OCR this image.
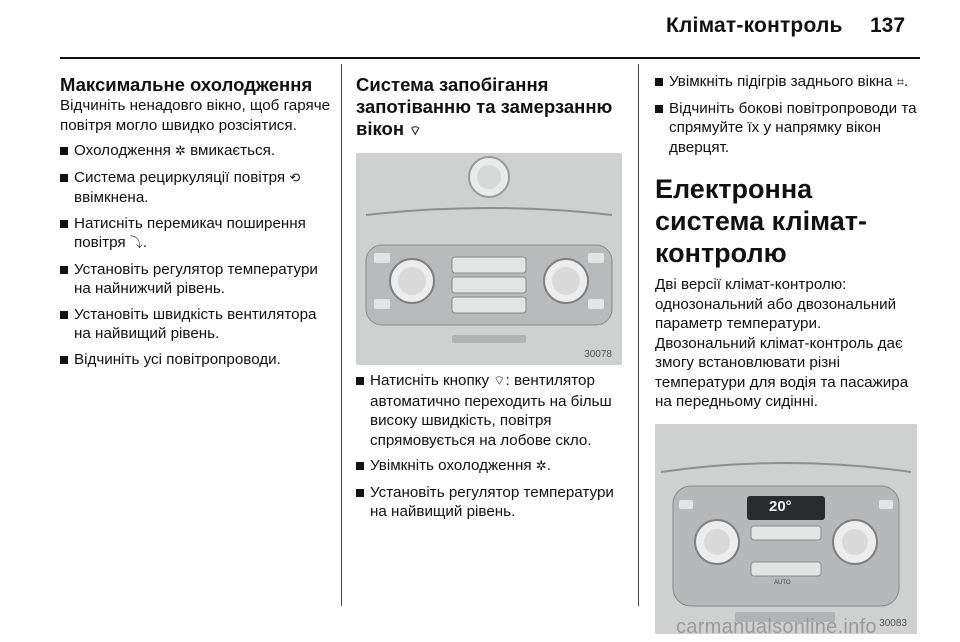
Клімат-контроль 137
Максимальне охолодження

Відчиніть ненадовго вікно, щоб гаряче повітря могло швидко розсіятися.

Охолодження ✲ вмикається.
Система рециркуляції повітря ⟲ ввімкнена.
Натисніть перемикач поширення повітря ⤵.
Установіть регулятор температури на найнижчий рівень.
Установіть швидкість вентилятора на найвищий рівень.
Відчиніть усі повітропроводи.
Система запобігання запотіванню та замерзанню вікон ⌔
30078
Натисніть кнопку ⌔: вентилятор автоматично переходить на більш високу швидкість, повітря спрямовується на лобове скло.
Увімкніть охолодження ✲.
Установіть регулятор температури на найвищий рівень.
Увімкніть підігрів заднього вікна ⌗.
Відчиніть бокові повітропроводи та спрямуйте їх у напрямку вікон дверцят.
Електронна система клімат-контролю

Дві версії клімат-контролю: однозональний або двозональний параметр температури. Двозональний клімат-контроль дає змогу встановлювати різні температури для водія та пасажира на передньому сидінні.

20°
AUTO
30083
carmanualsonline.info
